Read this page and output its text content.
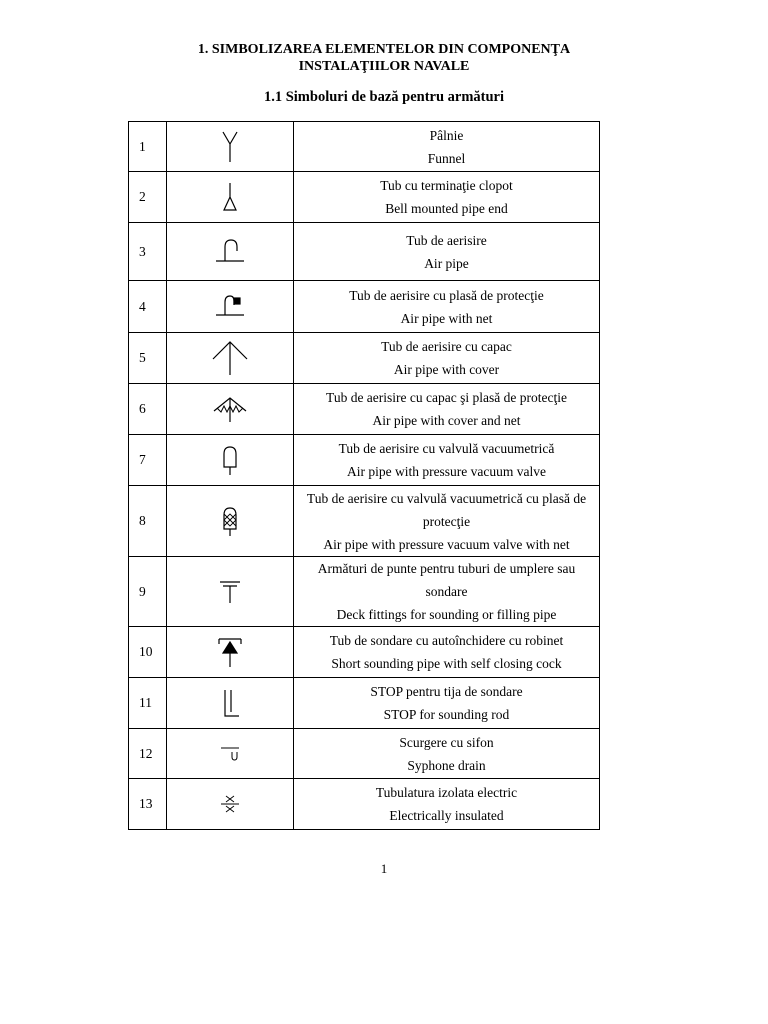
1. SIMBOLIZAREA ELEMENTELOR DIN COMPONENŢA
INSTALAŢIILOR NAVALE
1.1 Simboluri de bază pentru armături
1		Pâlnie
Funnel

2		Tub cu terminaţie clopot
Bell mounted pipe end

3		Tub de aerisire
Air pipe

4		Tub de aerisire cu plasă de protecţie
Air pipe with net

5		Tub de aerisire cu capac
Air pipe with cover

6		Tub de aerisire cu capac şi plasă de protecţie
Air pipe with cover and net

7		Tub de aerisire cu valvulă vacuumetrică
Air pipe with pressure vacuum valve

8		Tub de aerisire cu valvulă vacuumetrică cu plasă de protecţie
Air pipe with pressure vacuum valve with net

9		Armături de punte pentru tuburi de umplere sau sondare
Deck fittings for sounding or filling pipe

10		Tub de sondare cu autoînchidere cu robinet
Short sounding pipe with self closing cock

11		STOP pentru tija de sondare
STOP for sounding rod

12		Scurgere cu sifon
Syphone drain

13		Tubulatura izolata electric
Electrically insulated
1
